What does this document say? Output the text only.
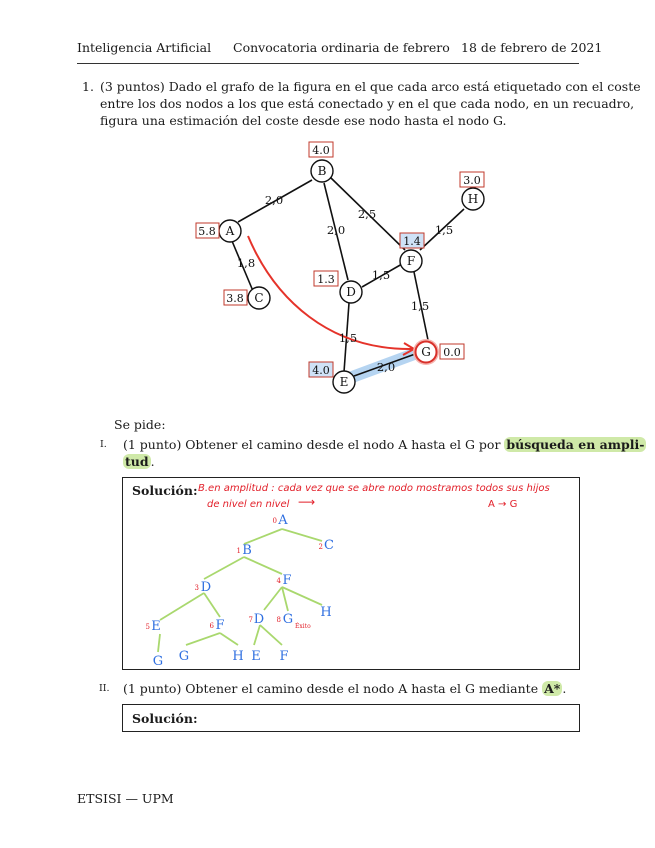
Inteligencia Artificial Convocatoria ordinaria de febrero 18 de febrero de 2021
1. (3 puntos) Dado el grafo de la figura en el que cada arco está etiquetado con el coste
entre los dos nodos a los que está conectado y en el que cada nodo, en un recuadro,
figura una estimación del coste desde ese nodo hasta el nodo G.
A
B
C	D
E
F
G
H
4.0
5.8
3.8
1.3
4.0
1.4
0.0
3.0
2,0
2,0
2,5
1,8
1,5
1,5
1,5
1,5
2,0
Se pide:
I. (1 punto) Obtener el camino desde el nodo A hasta el G por búsqueda en ampli-
tud .
Solución: B.en amplitud : cada vez que se abre nodo mostramos todos sus hijos
de nivel en nivel ⟶	A → G
A
B	C
D	F
E	F D G H
G G	H E F
0
1	2
3
4
5	6
7	8
Éxito
II. (1 punto) Obtener el camino desde el nodo A hasta el G mediante A* .
Solución:
ETSISI — UPM
